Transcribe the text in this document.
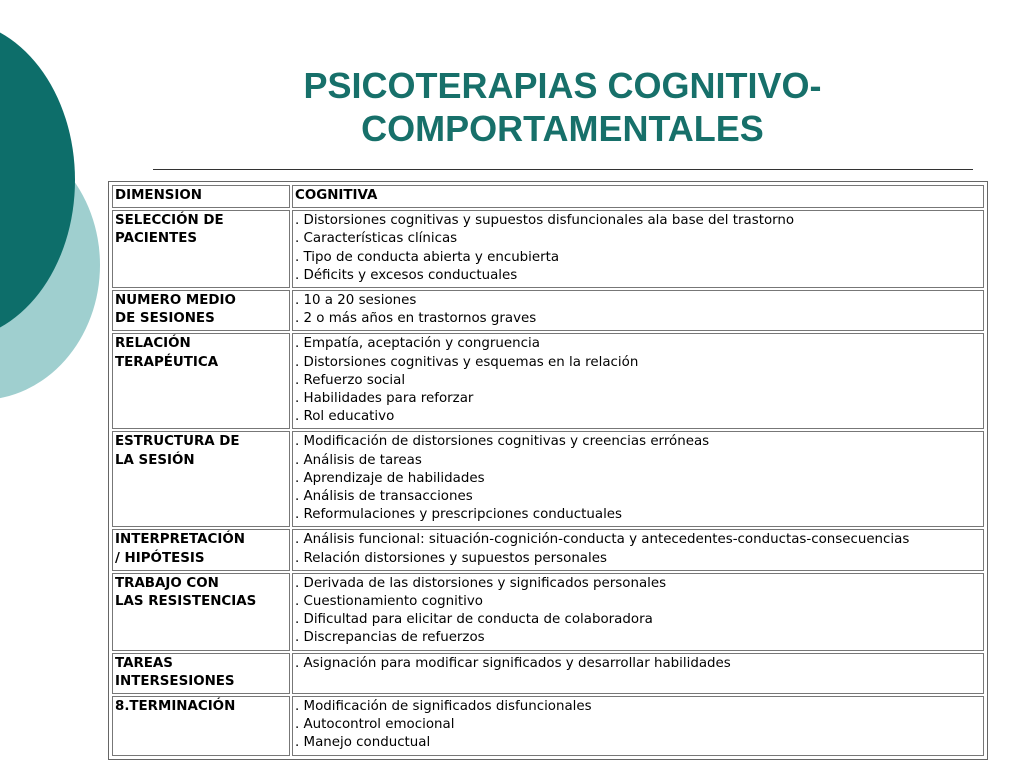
PSICOTERAPIAS COGNITIVO-
COMPORTAMENTALES
DIMENSION	COGNITIVA

SELECCIÓN DE
PACIENTES	. Distorsiones cognitivas y supuestos disfuncionales ala base del trastorno
. Características clínicas
. Tipo de conducta abierta y encubierta
. Déficits y excesos conductuales

NUMERO MEDIO
DE SESIONES	. 10 a 20 sesiones
. 2 o más años en trastornos graves

RELACIÓN
TERAPÉUTICA	. Empatía, aceptación y congruencia
. Distorsiones cognitivas y esquemas en la relación
. Refuerzo social
. Habilidades para reforzar
. Rol educativo

ESTRUCTURA DE
LA SESIÓN	. Modificación de distorsiones cognitivas y creencias erróneas
. Análisis de tareas
. Aprendizaje de habilidades
. Análisis de transacciones
. Reformulaciones y prescripciones conductuales

INTERPRETACIÓN
/ HIPÓTESIS	. Análisis funcional: situación-cognición-conducta y antecedentes-conductas-consecuencias
. Relación distorsiones y supuestos personales

TRABAJO CON
LAS RESISTENCIAS	. Derivada de las distorsiones y significados personales
. Cuestionamiento cognitivo
. Dificultad para elicitar de conducta de colaboradora
. Discrepancias de refuerzos

TAREAS
INTERSESIONES	. Asignación para modificar significados y desarrollar habilidades

8.TERMINACIÓN	. Modificación de significados disfuncionales
. Autocontrol emocional
. Manejo conductual
